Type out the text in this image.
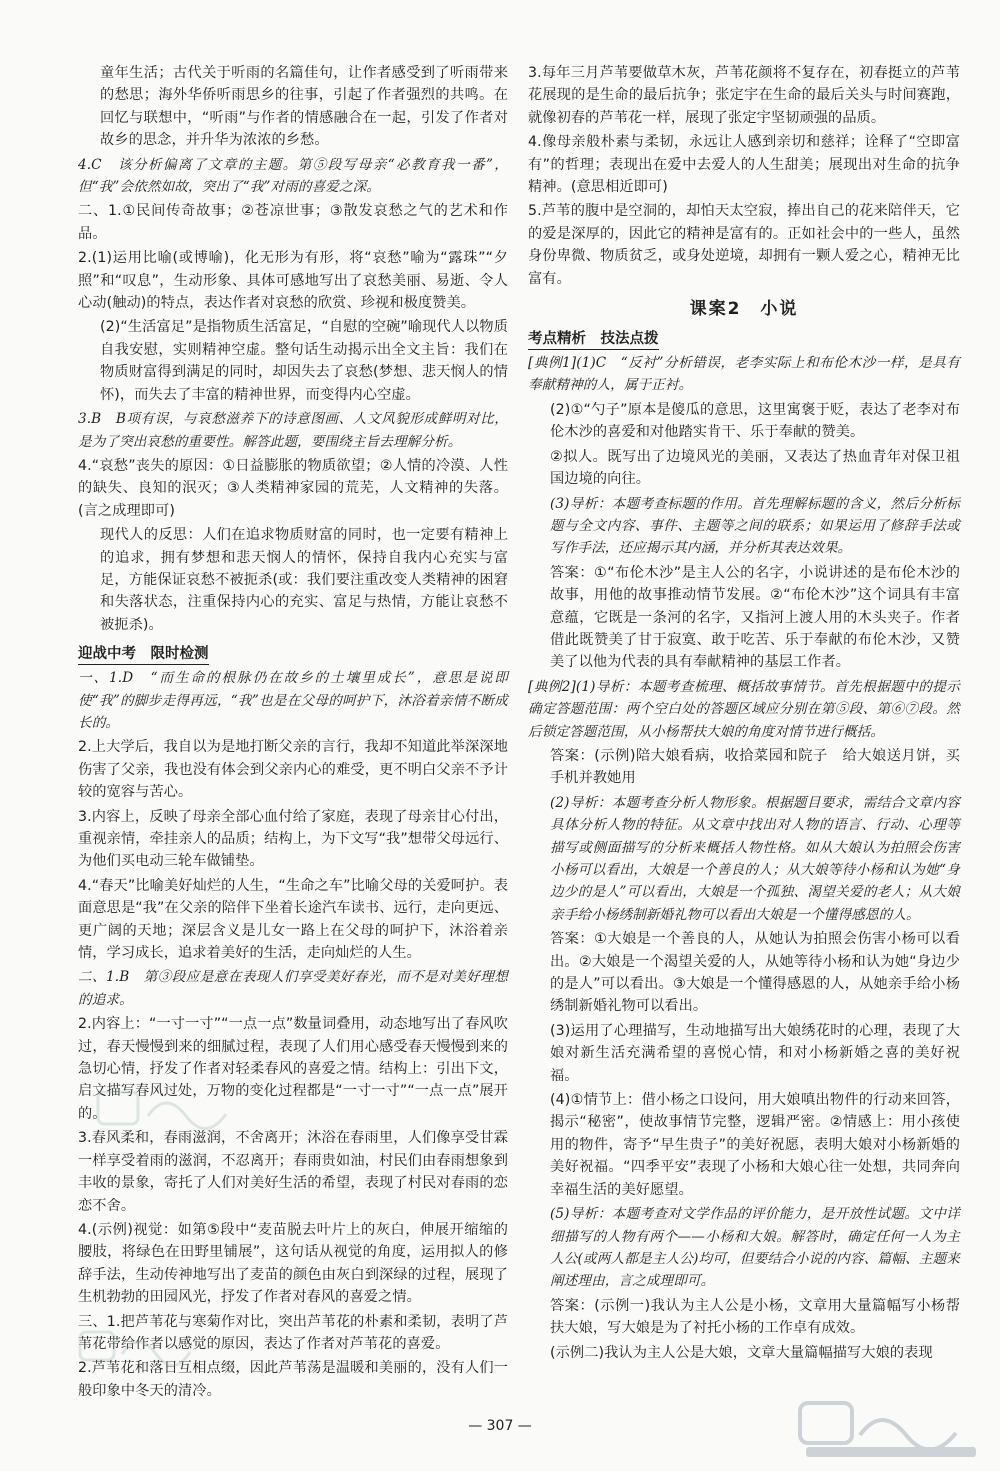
童年生活；古代关于听雨的名篇佳句，让作者感受到了听雨带来的愁思；海外华侨听雨思乡的往事，引起了作者强烈的共鸣。在回忆与联想中，“听雨”与作者的情感融合在一起，引发了作者对故乡的思念，并升华为浓浓的乡愁。

4.C　该分析偏离了文章的主题。第⑤段写母亲“必教育我一番”，但“我”会依然如故，突出了“我”对雨的喜爱之深。

二、1.①民间传奇故事；②苍凉世事；③散发哀愁之气的艺术和作品。

2.(1)运用比喻(或博喻)，化无形为有形，将“哀愁”喻为“露珠”“夕照”和“叹息”，生动形象、具体可感地写出了哀愁美丽、易逝、令人心动(触动)的特点，表达作者对哀愁的欣赏、珍视和极度赞美。

(2)“生活富足”是指物质生活富足，“自慰的空碗”喻现代人以物质自我安慰，实则精神空虚。整句话生动揭示出全文主旨：我们在物质财富得到满足的同时，却因失去了哀愁(梦想、悲天悯人的情怀)，而失去了丰富的精神世界，而变得内心空虚。

3.B　B项有误，与哀愁滋养下的诗意图画、人文风貌形成鲜明对比，是为了突出哀愁的重要性。解答此题，要围绕主旨去理解分析。

4.“哀愁”丧失的原因：①日益膨胀的物质欲望；②人情的冷漠、人性的缺失、良知的泯灭；③人类精神家园的荒芜，人文精神的失落。(言之成理即可)

现代人的反思：人们在追求物质财富的同时，也一定要有精神上的追求，拥有梦想和悲天悯人的情怀，保持自我内心充实与富足，方能保证哀愁不被扼杀(或：我们要注重改变人类精神的困窘和失落状态，注重保持内心的充实、富足与热情，方能让哀愁不被扼杀)。

迎战中考　限时检测

一、1.D　“而生命的根脉仍在故乡的土壤里成长”，意思是说即使“我”的脚步走得再远，“我”也是在父母的呵护下，沐浴着亲情不断成长的。

2.上大学后，我自以为是地打断父亲的言行，我却不知道此举深深地伤害了父亲，我也没有体会到父亲内心的难受，更不明白父亲不予计较的宽容与苦心。

3.内容上，反映了母亲全部心血付给了家庭，表现了母亲甘心付出，重视亲情，牵挂亲人的品质；结构上，为下文写“我”想带父母远行、为他们买电动三轮车做铺垫。

4.“春天”比喻美好灿烂的人生，“生命之车”比喻父母的关爱呵护。表面意思是“我”在父亲的陪伴下坐着长途汽车读书、远行，走向更远、更广阔的天地；深层含义是儿女一路上在父母的呵护下，沐浴着亲情，学习成长，追求着美好的生活，走向灿烂的人生。

二、1.B　第③段应是意在表现人们享受美好春光，而不是对美好理想的追求。

2.内容上：“一寸一寸”“一点一点”数量词叠用，动态地写出了春风吹过，春天慢慢到来的细腻过程，表现了人们用心感受春天慢慢到来的急切心情，抒发了作者对轻柔春风的喜爱之情。结构上：引出下文，启文描写春风过处，万物的变化过程都是“一寸一寸”“一点一点”展开的。

3.春风柔和，春雨滋润，不舍离开；沐浴在春雨里，人们像享受甘霖一样享受着雨的滋润，不忍离开；春雨贵如油，村民们由春雨想象到丰收的景象，寄托了人们对美好生活的希望，表现了村民对春雨的恋恋不舍。

4.(示例)视觉：如第⑤段中“麦苗脱去叶片上的灰白，伸展开缩缩的腰肢，将绿色在田野里铺展”，这句话从视觉的角度，运用拟人的修辞手法，生动传神地写出了麦苗的颜色由灰白到深绿的过程，展现了生机勃勃的田园风光，抒发了作者对春风的喜爱之情。

三、1.把芦苇花与寒菊作对比，突出芦苇花的朴素和柔韧，表明了芦苇花带给作者以感觉的原因，表达了作者对芦苇花的喜爱。

2.芦苇花和落日互相点缀，因此芦苇荡是温暖和美丽的，没有人们一般印象中冬天的清冷。

3.每年三月芦苇要做草木灰，芦苇花颜将不复存在，初春挺立的芦苇花展现的是生命的最后抗争；张定宇在生命的最后关头与时间赛跑，就像初春的芦苇花一样，展现了张定宇坚韧顽强的品质。

4.像母亲般朴素与柔韧，永远让人感到亲切和慈祥；诠释了“空即富有”的哲理；表现出在爱中去爱人的人生甜美；展现出对生命的抗争精神。(意思相近即可)

5.芦苇的腹中是空洞的，却怕天太空寂，捧出自己的花来陪伴天，它的爱是深厚的，因此它的精神是富有的。正如社会中的一些人，虽然身份卑微、物质贫乏，或身处逆境，却拥有一颗人爱之心，精神无比富有。

课案2　小说
考点精析　技法点拨

[典例1](1)C　“反衬”分析错误，老李实际上和布伦木沙一样，是具有奉献精神的人，属于正衬。

(2)①“勺子”原本是傻瓜的意思，这里寓褒于贬，表达了老李对布伦木沙的喜爱和对他踏实肯干、乐于奉献的赞美。

②拟人。既写出了边境风光的美丽，又表达了热血青年对保卫祖国边境的向往。

(3)导析：本题考查标题的作用。首先理解标题的含义，然后分析标题与全文内容、事件、主题等之间的联系；如果运用了修辞手法或写作手法，还应揭示其内涵，并分析其表达效果。

答案：①“布伦木沙”是主人公的名字，小说讲述的是布伦木沙的故事，用他的故事推动情节发展。②“布伦木沙”这个词具有丰富意蕴，它既是一条河的名字，又指河上渡人用的木头夹子。作者借此既赞美了甘于寂寞、敢于吃苦、乐于奉献的布伦木沙，又赞美了以他为代表的具有奉献精神的基层工作者。

[典例2](1)导析：本题考查梳理、概括故事情节。首先根据题中的提示确定答题范围：两个空白处的答题区域应分别在第⑤段、第⑥⑦段。然后锁定答题范围，从小杨帮扶大娘的角度对情节进行概括。

答案：(示例)陪大娘看病，收拾菜园和院子　给大娘送月饼，买手机并教她用

(2)导析：本题考查分析人物形象。根据题目要求，需结合文章内容具体分析人物的特征。从文章中找出对人物的语言、行动、心理等描写或侧面描写的分析来概括人物性格。如从大娘认为拍照会伤害小杨可以看出，大娘是一个善良的人；从大娘等待小杨和认为她“身边少的是人”可以看出，大娘是一个孤独、渴望关爱的老人；从大娘亲手给小杨绣制新婚礼物可以看出大娘是一个懂得感恩的人。

答案：①大娘是一个善良的人，从她认为拍照会伤害小杨可以看出。②大娘是一个渴望关爱的人，从她等待小杨和认为她“身边少的是人”可以看出。③大娘是一个懂得感恩的人，从她亲手给小杨绣制新婚礼物可以看出。

(3)运用了心理描写，生动地描写出大娘绣花时的心理，表现了大娘对新生活充满希望的喜悦心情，和对小杨新婚之喜的美好祝福。

(4)①情节上：借小杨之口设问，用大娘嗔出物件的行动来回答，揭示“秘密”，使故事情节完整，逻辑严密。②情感上：用小孩使用的物件，寄予“早生贵子”的美好祝愿，表明大娘对小杨新婚的美好祝福。“四季平安”表现了小杨和大娘心往一处想，共同奔向幸福生活的美好愿望。

(5)导析：本题考查对文学作品的评价能力，是开放性试题。文中详细描写的人物有两个——小杨和大娘。解答时，确定任何一人为主人公(或两人都是主人公)均可，但要结合小说的内容、篇幅、主题来阐述理由，言之成理即可。

答案：(示例一)我认为主人公是小杨，文章用大量篇幅写小杨帮扶大娘，写大娘是为了衬托小杨的工作卓有成效。

(示例二)我认为主人公是大娘，文章大量篇幅描写大娘的表现

— 307 —
